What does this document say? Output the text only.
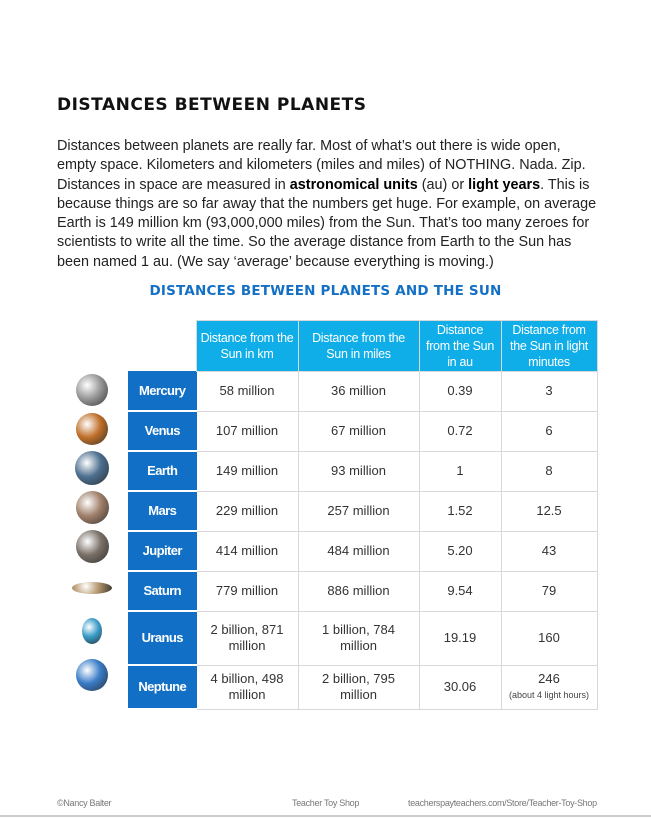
DISTANCES BETWEEN PLANETS
Distances between planets are really far. Most of what’s out there is wide open, empty space. Kilometers and kilometers (miles and miles) of NOTHING. Nada. Zip. Distances in space are measured in astronomical units (au) or light years. This is because things are so far away that the numbers get huge. For example, on average Earth is 149 million km (93,000,000 miles) from the Sun. That’s too many zeroes for scientists to write all the time. So the average distance from Earth to the Sun has been named 1 au. (We say ‘average’ because everything is moving.)
DISTANCES BETWEEN PLANETS AND THE SUN
	Distance from the Sun in km	Distance from the Sun in miles	Distance from the Sun in au	Distance from the Sun in light minutes
Mercury	58 million	36 million	0.39	3
Venus	107 million	67 million	0.72	6
Earth	149 million	93 million	1	8
Mars	229 million	257 million	1.52	12.5
Jupiter	414 million	484 million	5.20	43
Saturn	779 million	886 million	9.54	79
Uranus	2 billion, 871 million	1 billion, 784 million	19.19	160
Neptune	4 billion, 498 million	2 billion, 795 million	30.06	246
(about 4 light hours)
©Nancy Balter	Teacher Toy Shop	teacherspayteachers.com/Store/Teacher-Toy-Shop
